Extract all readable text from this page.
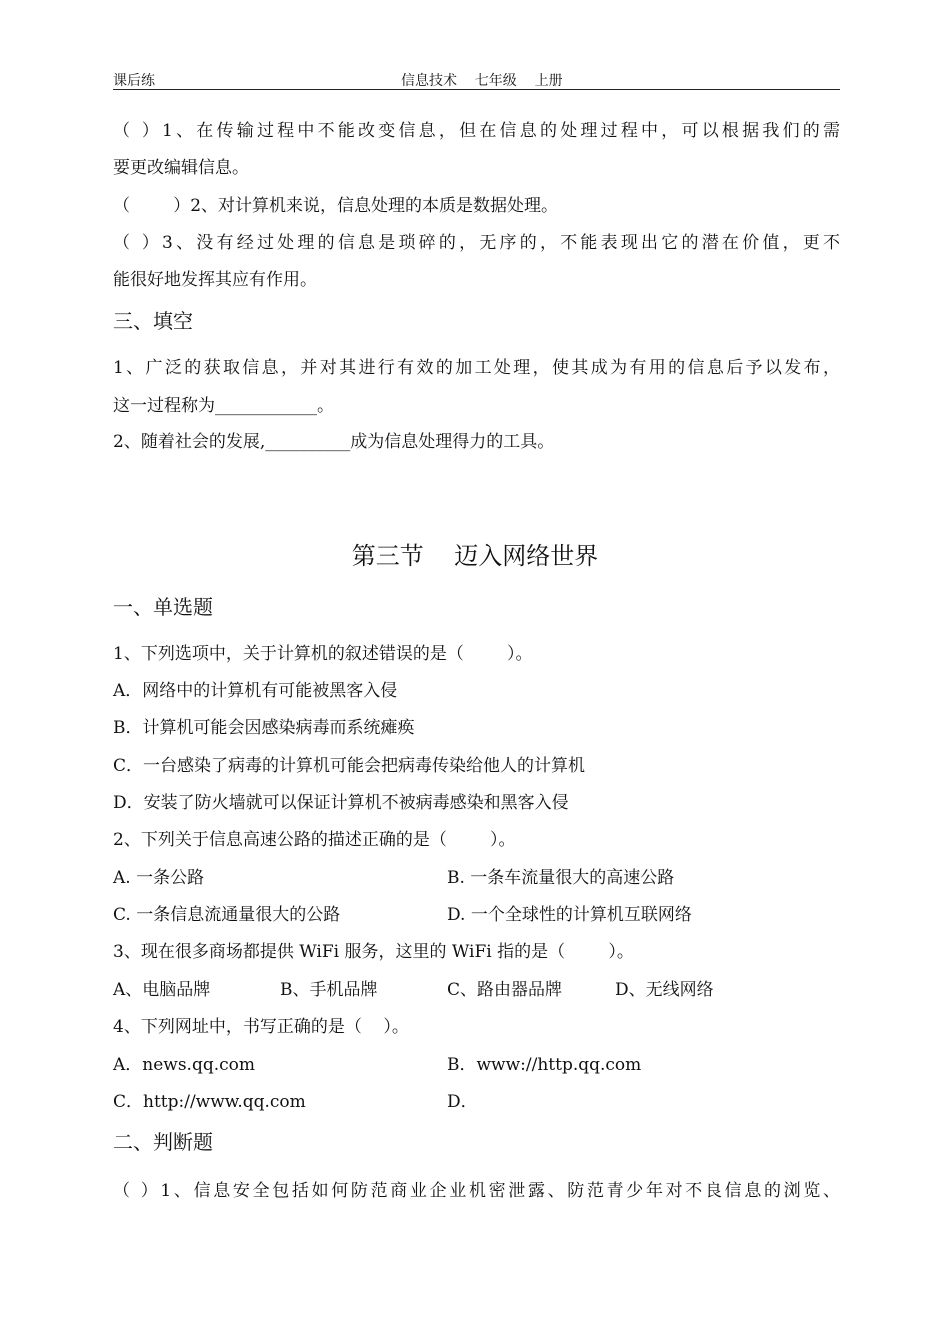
课后练	信息技术    七年级    上册
（ ）1、在传输过程中不能改变信息，但在信息的处理过程中，可以根据我们的需
要更改编辑信息。
（        ）2、对计算机来说，信息处理的本质是数据处理。
（ ）3、没有经过处理的信息是琐碎的，无序的，不能表现出它的潜在价值，更不
能很好地发挥其应有作用。
三、填空
1、广泛的获取信息，并对其进行有效的加工处理，使其成为有用的信息后予以发布，
这一过程称为____________。
2、随着社会的发展,__________成为信息处理得力的工具。
第三节    迈入网络世界
一、单选题
1、下列选项中，关于计算机的叙述错误的是（        ）。
A．网络中的计算机有可能被黑客入侵
B．计算机可能会因感染病毒而系统瘫痪
C．一台感染了病毒的计算机可能会把病毒传染给他人的计算机
D．安装了防火墙就可以保证计算机不被病毒感染和黑客入侵
2、下列关于信息高速公路的描述正确的是（        ）。
A. 一条公路	B. 一条车流量很大的高速公路
C. 一条信息流通量很大的公路	D. 一个全球性的计算机互联网络
3、现在很多商场都提供 WiFi 服务，这里的 WiFi 指的是（        ）。
A、电脑品牌	B、手机品牌	C、路由器品牌	D、无线网络
4、下列网址中，书写正确的是（    ）。
A．news.qq.com	B．www://http.qq.com
C．http://www.qq.com	D．
二、判断题
（ ）1、信息安全包括如何防范商业企业机密泄露、防范青少年对不良信息的浏览、
